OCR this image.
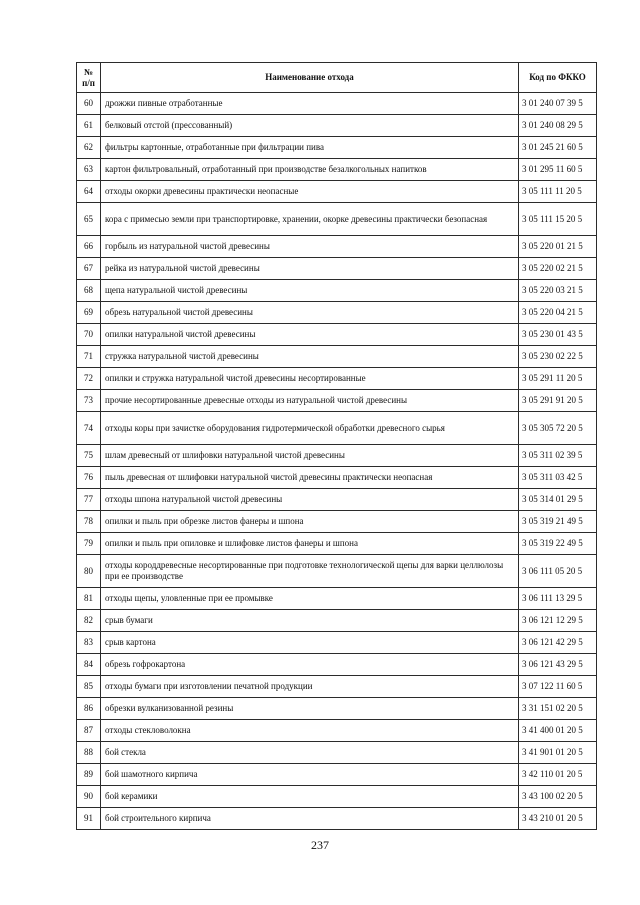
№
п/п	Наименование отхода	Код по ФККО
60	дрожжи пивные отработанные	3 01 240 07 39 5
61	белковый отстой (прессованный)	3 01 240 08 29 5
62	фильтры картонные, отработанные при фильтрации пива	3 01 245 21 60 5
63	картон фильтровальный, отработанный при производстве безалкогольных напитков	3 01 295 11 60 5
64	отходы окорки древесины практически неопасные	3 05 111 11 20 5
65	кора с примесью земли при транспортировке, хранении, окорке древесины практически безопасная	3 05 111 15 20 5
66	горбыль из натуральной чистой древесины	3 05 220 01 21 5
67	рейка из натуральной чистой древесины	3 05 220 02 21 5
68	щепа натуральной чистой древесины	3 05 220 03 21 5
69	обрезь натуральной чистой древесины	3 05 220 04 21 5
70	опилки натуральной чистой древесины	3 05 230 01 43 5
71	стружка натуральной чистой древесины	3 05 230 02 22 5
72	опилки и стружка натуральной чистой древесины несортированные	3 05 291 11 20 5
73	прочие несортированные древесные отходы из натуральной чистой древесины	3 05 291 91 20 5
74	отходы коры при зачистке оборудования гидротермической обработки древесного сырья	3 05 305 72 20 5
75	шлам древесный от шлифовки натуральной чистой древесины	3 05 311 02 39 5
76	пыль древесная от шлифовки натуральной чистой древесины практически неопасная	3 05 311 03 42 5
77	отходы шпона натуральной чистой древесины	3 05 314 01 29 5
78	опилки и пыль при обрезке листов фанеры и шпона	3 05 319 21 49 5
79	опилки и пыль при опиловке и шлифовке листов фанеры и шпона	3 05 319 22 49 5
80	отходы короддревесные несортированные при подготовке технологической щепы для варки целлюлозы при ее производстве	3 06 111 05 20 5
81	отходы щепы, уловленные при ее промывке	3 06 111 13 29 5
82	срыв бумаги	3 06 121 12 29 5
83	срыв картона	3 06 121 42 29 5
84	обрезь гофрокартона	3 06 121 43 29 5
85	отходы бумаги при изготовлении печатной продукции	3 07 122 11 60 5
86	обрезки вулканизованной резины	3 31 151 02 20 5
87	отходы стекловолокна	3 41 400 01 20 5
88	бой стекла	3 41 901 01 20 5
89	бой шамотного кирпича	3 42 110 01 20 5
90	бой керамики	3 43 100 02 20 5
91	бой строительного кирпича	3 43 210 01 20 5
237
